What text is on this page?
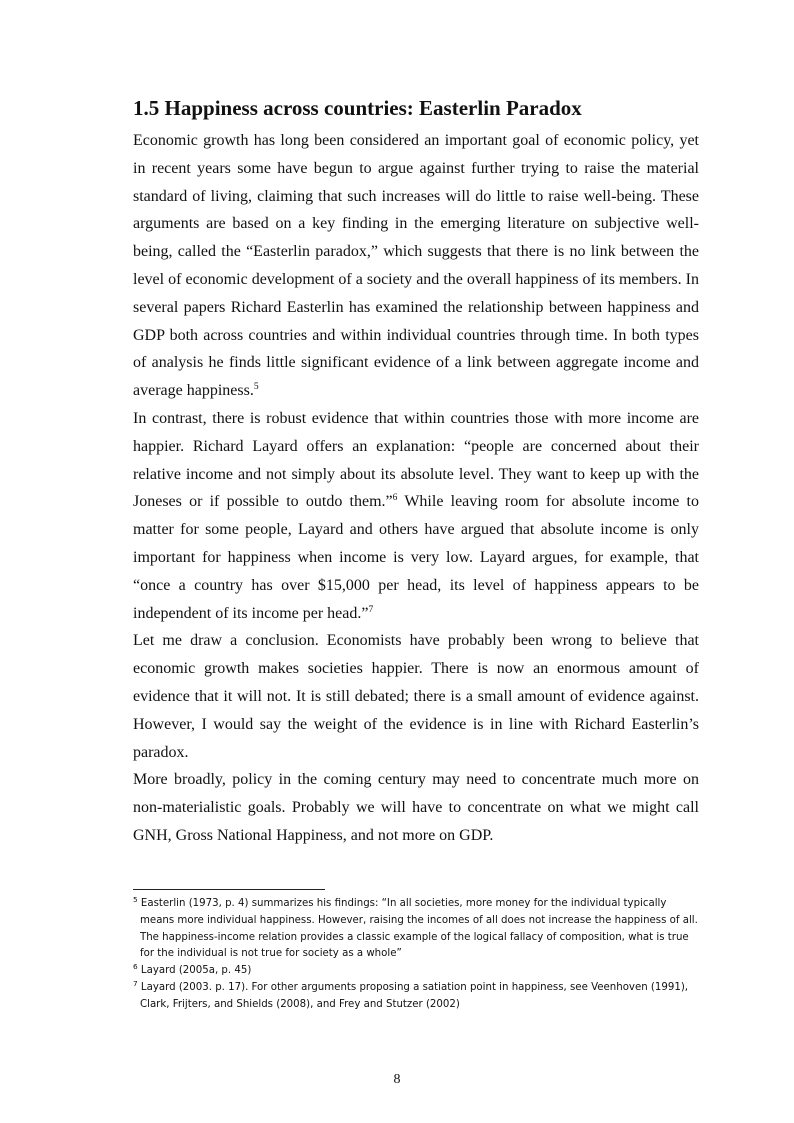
1.5 Happiness across countries: Easterlin Paradox

Economic growth has long been considered an important goal of economic policy, yet in recent years some have begun to argue against further trying to raise the material standard of living, claiming that such increases will do little to raise well-being. These arguments are based on a key finding in the emerging literature on subjective well-being, called the “Easterlin paradox,” which suggests that there is no link between the level of economic development of a society and the overall happiness of its members. In several papers Richard Easterlin has examined the relationship between happiness and GDP both across countries and within individual countries through time. In both types of analysis he finds little significant evidence of a link between aggregate income and average happiness.$^5$

In contrast, there is robust evidence that within countries those with more income are happier. Richard Layard offers an explanation: “people are concerned about their relative income and not simply about its absolute level. They want to keep up with the Joneses or if possible to outdo them.”$^6$ While leaving room for absolute income to matter for some people, Layard and others have argued that absolute income is only important for happiness when income is very low. Layard argues, for example, that “once a country has over $15,000 per head, its level of happiness appears to be independent of its income per head.”$^7$

Let me draw a conclusion. Economists have probably been wrong to believe that economic growth makes societies happier. There is now an enormous amount of evidence that it will not. It is still debated; there is a small amount of evidence against. However, I would say the weight of the evidence is in line with Richard Easterlin’s paradox.

More broadly, policy in the coming century may need to concentrate much more on non-materialistic goals. Probably we will have to concentrate on what we might call GNH, Gross National Happiness, and not more on GDP.

$^5$ Easterlin (1973, p. 4) summarizes his findings: “In all societies, more money for the individual typically means more individual happiness. However, raising the incomes of all does not increase the happiness of all. The happiness-income relation provides a classic example of the logical fallacy of composition, what is true for the individual is not true for society as a whole”

$^6$ Layard (2005a, p. 45)

$^7$ Layard (2003. p. 17). For other arguments proposing a satiation point in happiness, see Veenhoven (1991), Clark, Frijters, and Shields (2008), and Frey and Stutzer (2002)

8
